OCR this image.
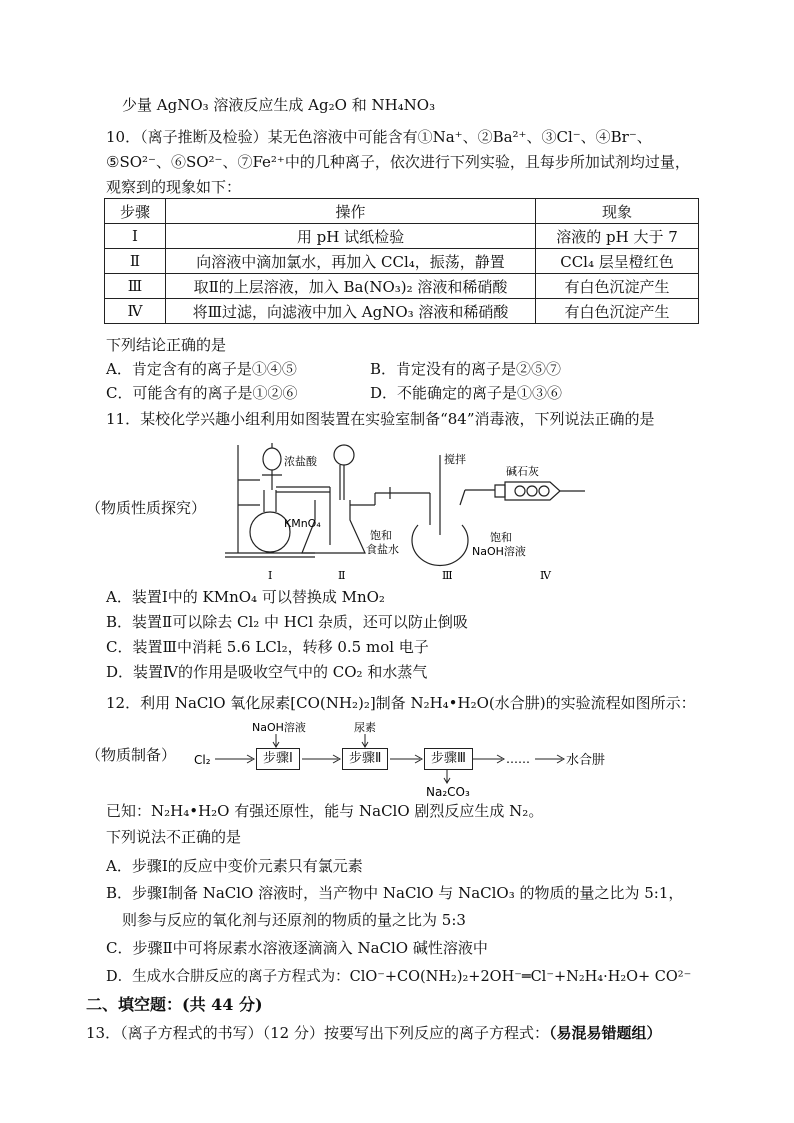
少量 AgNO₃ 溶液反应生成 Ag₂O 和 NH₄NO₃
10．（离子推断及检验）某无色溶液中可能含有①Na⁺、②Ba²⁺、③Cl⁻、④Br⁻、
⑤SO²⁻、⑥SO²⁻、⑦Fe²⁺中的几种离子，依次进行下列实验，且每步所加试剂均过量，
观察到的现象如下：
步骤	操作	现象
Ⅰ	用 pH 试纸检验	溶液的 pH 大于 7
Ⅱ	向溶液中滴加氯水，再加入 CCl₄，振荡，静置	CCl₄ 层呈橙红色
Ⅲ	取Ⅱ的上层溶液，加入 Ba(NO₃)₂ 溶液和稀硝酸	有白色沉淀产生
Ⅳ	将Ⅲ过滤，向滤液中加入 AgNO₃ 溶液和稀硝酸	有白色沉淀产生
下列结论正确的是
A．肯定含有的离子是①④⑤	B．肯定没有的离子是②⑤⑦
C．可能含有的离子是①②⑥	D．不能确定的离子是①③⑥
11．某校化学兴趣小组利用如图装置在实验室制备“84”消毒液，下列说法正确的是
（物质性质探究）
浓盐酸
KMnO₄
搅拌
碱石灰
饱和
食盐水
饱和
NaOH溶液
Ⅰ	Ⅱ	Ⅲ	Ⅳ
A．装置Ⅰ中的 KMnO₄ 可以替换成 MnO₂
B．装置Ⅱ可以除去 Cl₂ 中 HCl 杂质，还可以防止倒吸
C．装置Ⅲ中消耗 5.6 LCl₂，转移 0.5 mol 电子
D．装置Ⅳ的作用是吸收空气中的 CO₂ 和水蒸气
12．利用 NaClO 氧化尿素[CO(NH₂)₂]制备 N₂H₄•H₂O(水合肼)的实验流程如图所示：
（物质制备） Cl₂
NaOH溶液	尿素
……	水合肼
Na₂CO₃
步骤Ⅰ	步骤Ⅱ	步骤Ⅲ
已知：N₂H₄•H₂O 有强还原性，能与 NaClO 剧烈反应生成 N₂。
下列说法不正确的是
A．步骤Ⅰ的反应中变价元素只有氯元素
B．步骤Ⅰ制备 NaClO 溶液时，当产物中 NaClO 与 NaClO₃ 的物质的量之比为 5:1，
则参与反应的氧化剂与还原剂的物质的量之比为 5:3
C．步骤Ⅱ中可将尿素水溶液逐滴滴入 NaClO 碱性溶液中
D．生成水合肼反应的离子方程式为：ClO⁻+CO(NH₂)₂+2OH⁻═Cl⁻+N₂H₄·H₂O+ CO²⁻
二、填空题：(共 44 分)
13．（离子方程式的书写）（12 分）按要写出下列反应的离子方程式：（易混易错题组）
